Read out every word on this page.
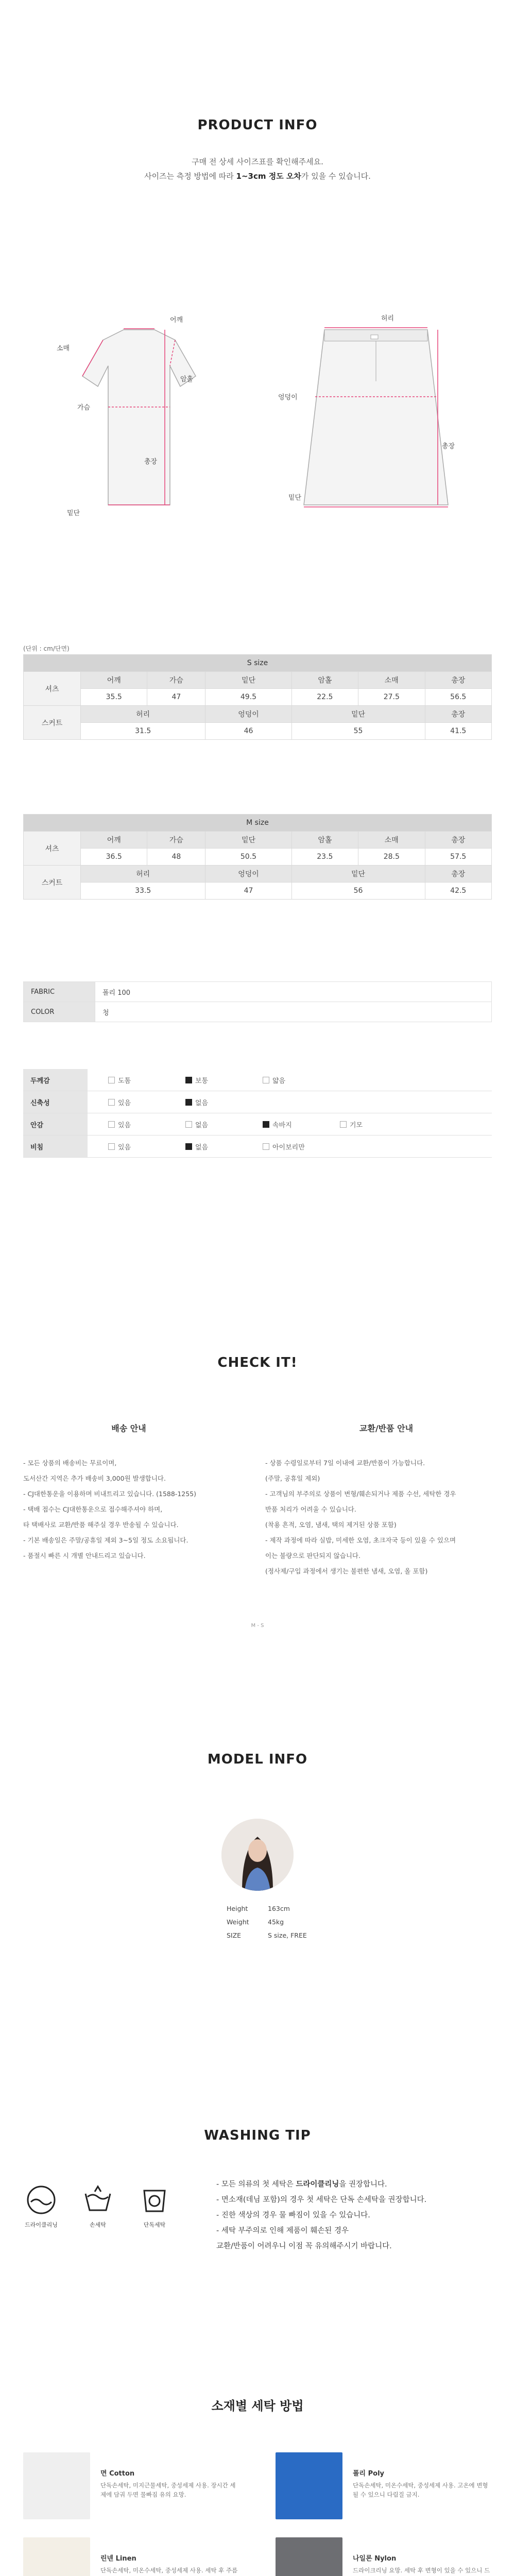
PRODUCT INFO
구매 전 상세 사이즈표를 확인해주세요.
사이즈는 측정 방법에 따라 1~3cm 정도 오차가 있을 수 있습니다.
소매
어깨
가슴
암홀
총장
밑단
허리
엉덩이
총장
밑단
(단위 : cm/단면)
S size						
셔츠	어깨	가슴	밑단	암홀	소매	총장
	35.5	47	49.5	22.5	27.5	56.5
스커트	허리		엉덩이	밑단		총장
	31.5		46	55		41.5
M size						
셔츠	어깨	가슴	밑단	암홀	소매	총장
	36.5	48	50.5	23.5	28.5	57.5
스커트	허리		엉덩이	밑단		총장
	33.5		47	56		42.5
FABRIC	폴리 100
COLOR	청
두께감	도톰 보통 얇음
신축성	있음 없음
안감	있음 없음 속바지 기모
비침	있음 없음 아이보리만
CHECK IT!
배송 안내	교환/반품 안내
- 모든 상품의 배송비는 무료이며,
도서산간 지역은 추가 배송비 3,000원 발생합니다.
- CJ대한통운을 이용하며 비내트리고 있습니다. (1588-1255)
- 택배 접수는 CJ대한통운으로 접수해주셔야 하며,
타 택배사로 교환/반품 해주실 경우 반송될 수 있습니다.
- 기본 배송일은 주말/공휴일 제외 3~5일 정도 소요됩니다.
- 품절시 빠른 시 개별 안내드리고 있습니다.
- 상품 수령일로부터 7일 이내에 교환/반품이 가능합니다.
(주말, 공휴일 제외)
- 고객님의 부주의로 상품이 변형/훼손되거나 제품 수선, 세탁한 경우
반품 처리가 어려울 수 있습니다.
(착용 흔적, 오염, 냄새, 택의 제거된 상품 포함)
- 제작 과정에 따라 실밥, 미세한 오염, 초크자국 등이 있을 수 있으며
이는 불량으로 판단되지 않습니다.
(정사제/구입 과정에서 생기는 불편한 냄새, 오염, 올 포함)
M - S
MODEL INFO
Height	163cm
Weight	45kg
SIZE	S size, FREE
WASHING TIP
드라이클리닝	손세탁	단독세탁
- 모든 의류의 첫 세탁은 드라이클리닝을 권장합니다.
- 면소재(데님 포함)의 경우 첫 세탁은 단독 손세탁을 권장합니다.
- 진한 색상의 경우 물 빠짐이 있을 수 있습니다.
- 세탁 부주의로 인해 제품이 훼손된 경우
교환/반품이 어려우니 이점 꼭 유의해주시기 바랍니다.
소재별 세탁 방법
면 Cotton
단독손세탁, 미지근물세탁, 중성세제 사용. 장시간 세제에 담궈 두면 물빠짐 유의 요망.
폴리 Poly
단독손세탁, 미온수세탁, 중성세제 사용. 고온에 변형될 수 있으니 다림질 금지.
린넨 Linen
단독손세탁, 미온수세탁, 중성세제 사용. 세탁 후 주름
나일론 Nylon
드라이크리닝 요망. 세탁 후 변형이 있을 수 있으니 드
